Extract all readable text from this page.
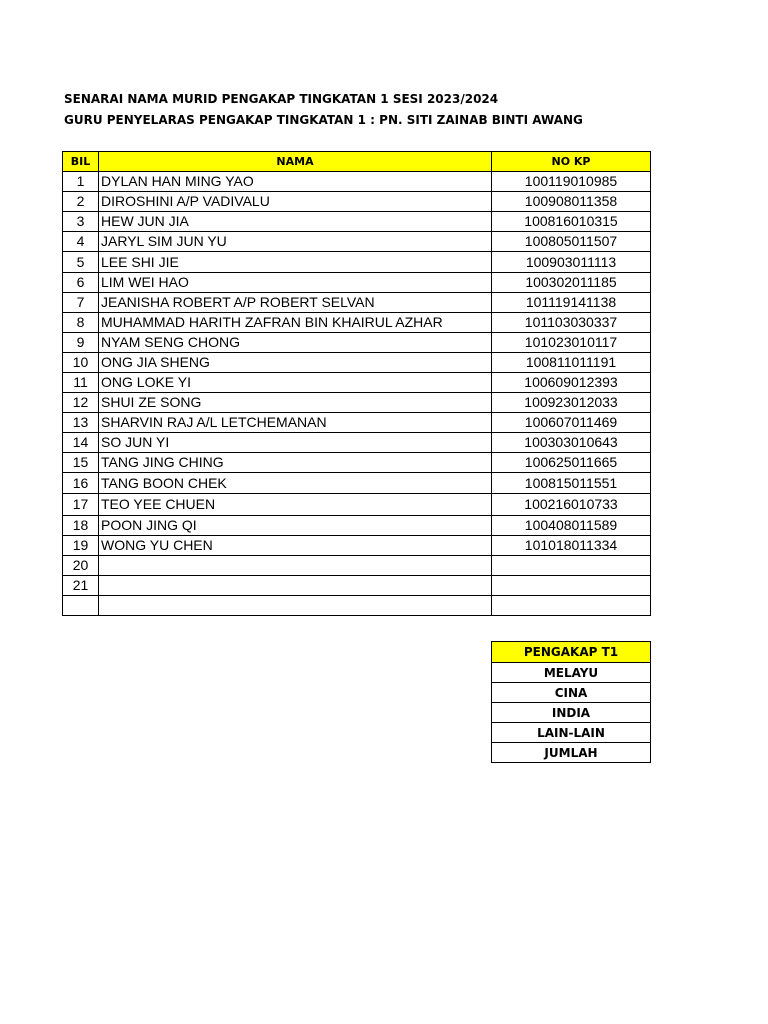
SENARAI NAMA MURID PENGAKAP TINGKATAN 1 SESI 2023/2024
GURU PENYELARAS PENGAKAP TINGKATAN 1 : PN. SITI ZAINAB BINTI AWANG
BIL	NAMA	NO KP
1	DYLAN HAN MING YAO	100119010985
2	DIROSHINI A/P VADIVALU	100908011358
3	HEW JUN JIA	100816010315
4	JARYL SIM JUN YU	100805011507
5	LEE SHI JIE	100903011113
6	LIM WEI HAO	100302011185
7	JEANISHA ROBERT A/P ROBERT SELVAN	101119141138
8	MUHAMMAD HARITH ZAFRAN BIN KHAIRUL AZHAR	101103030337
9	NYAM SENG CHONG	101023010117
10	ONG JIA SHENG	100811011191
11	ONG LOKE YI	100609012393
12	SHUI ZE SONG	100923012033
13	SHARVIN RAJ A/L LETCHEMANAN	100607011469
14	SO JUN YI	100303010643
15	TANG JING CHING	100625011665
16	TANG BOON CHEK	100815011551
17	TEO YEE CHUEN	100216010733
18	POON JING QI	100408011589
19	WONG YU CHEN	101018011334
20		
21		

PENGAKAP T1
MELAYU
CINA
INDIA
LAIN-LAIN
JUMLAH
